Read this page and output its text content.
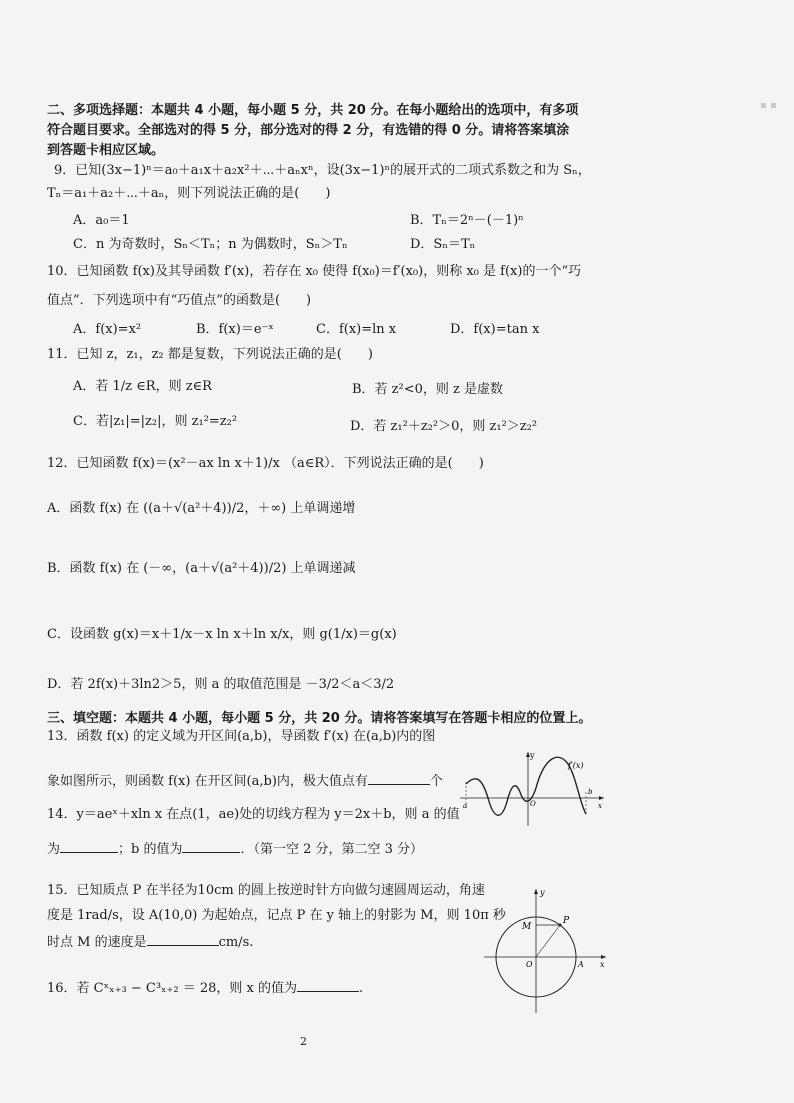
▪ ▪
二、多项选择题：本题共 4 小题，每小题 5 分，共 20 分。在每小题给出的选项中，有多项
符合题目要求。全部选对的得 5 分，部分选对的得 2 分，有选错的得 0 分。请将答案填涂
到答题卡相应区域。
9．已知(3x−1)ⁿ＝a₀＋a₁x＋a₂x²＋⋯＋aₙxⁿ，设(3x−1)ⁿ的展开式的二项式系数之和为 Sₙ，
Tₙ＝a₁＋a₂＋⋯＋aₙ，则下列说法正确的是(　　)
A．a₀＝1	B．Tₙ＝2ⁿ－(－1)ⁿ
C．n 为奇数时，Sₙ＜Tₙ；n 为偶数时，Sₙ＞Tₙ	D．Sₙ＝Tₙ
10．已知函数 f(x)及其导函数 f′(x)，若存在 x₀ 使得 f(x₀)＝f′(x₀)，则称 x₀ 是 f(x)的一个“巧
值点”．下列选项中有“巧值点”的函数是(　　)
A．f(x)=x²	B．f(x)＝e⁻ˣ	C．f(x)=ln x	D．f(x)=tan x
11．已知 z，z₁，z₂ 都是复数，下列说法正确的是(　　)
A．若 1/z ∈R，则 z∈R	B．若 z²<0，则 z 是虚数
C．若|z₁|=|z₂|，则 z₁²=z₂²	D．若 z₁²＋z₂²＞0，则 z₁²＞z₂²
12．已知函数 f(x)＝(x²－ax ln x＋1)/x （a∈R）．下列说法正确的是(　　)
A．函数 f(x) 在 ((a＋√(a²＋4))/2，＋∞) 上单调递增
B．函数 f(x) 在 (－∞，(a＋√(a²＋4))/2) 上单调递减
C．设函数 g(x)＝x＋1/x－x ln x＋ln x/x，则 g(1/x)＝g(x)
D．若 2f(x)＋3ln2＞5，则 a 的取值范围是 －3/2＜a＜3/2
三、填空题：本题共 4 小题，每小题 5 分，共 20 分。请将答案填写在答题卡相应的位置上。
13．函数 f(x) 的定义域为开区间(a,b)，导函数 f′(x) 在(a,b)内的图
象如图所示，则函数 f(x) 在开区间(a,b)内，极大值点有	个
y
f′(x)
a
b
O	x
14．y＝aeˣ＋xln x 在点(1，ae)处的切线方程为 y＝2x＋b，则 a 的值
为	；b 的值为	．（第一空 2 分，第二空 3 分）
15．已知质点 P 在半径为10cm 的圆上按逆时针方向做匀速圆周运动，角速
度是 1rad/s，设 A(10,0) 为起始点，记点 P 在 y 轴上的射影为 M，则 10π 秒
时点 M 的速度是	cm/s.
y
M
P
O	A x
16．若 Cˣₓ₊₃ − C³ₓ₊₂ ＝ 28，则 x 的值为	.
2
